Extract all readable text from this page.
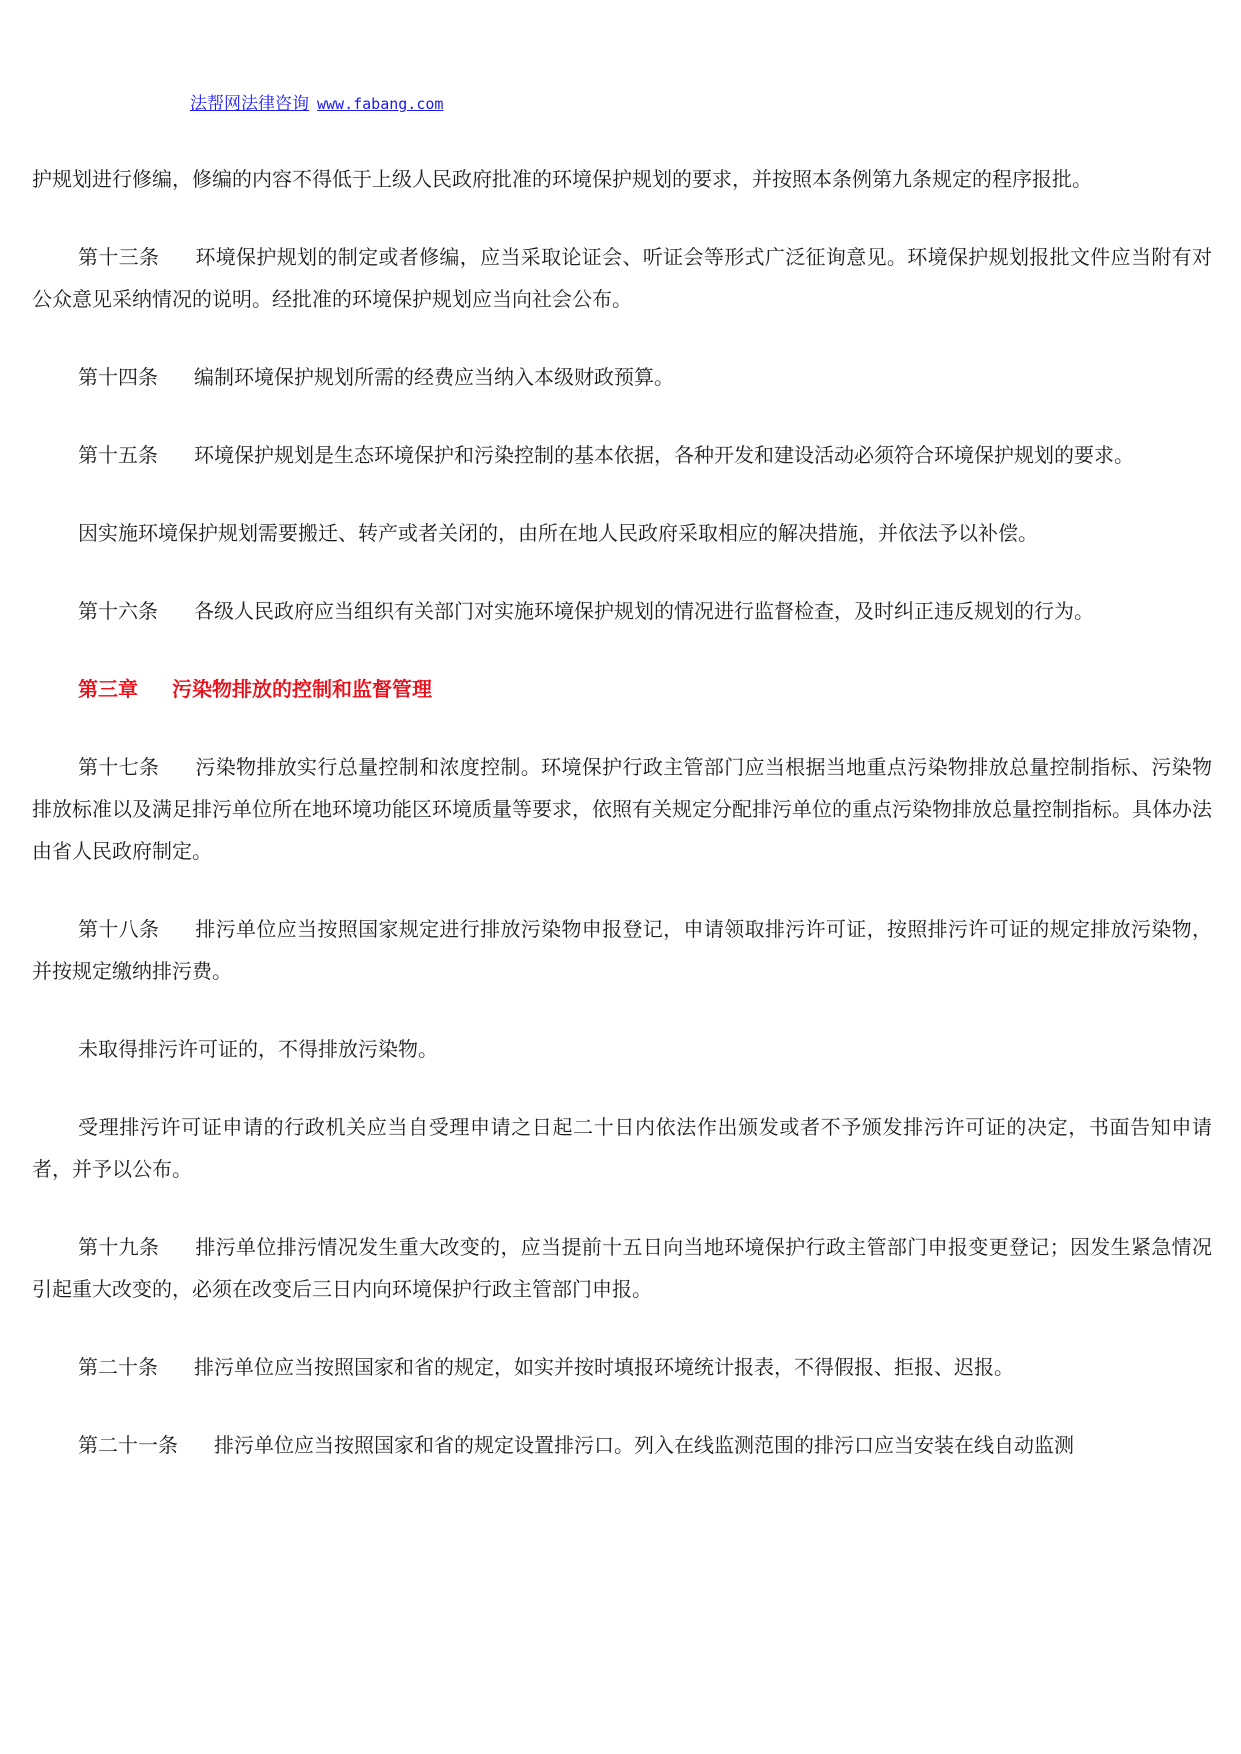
法帮网法律咨询 www.fabang.com

护规划进行修编，修编的内容不得低于上级人民政府批准的环境保护规划的要求，并按照本条例第九条规定的程序报批。

第十三条 环境保护规划的制定或者修编，应当采取论证会、听证会等形式广泛征询意见。环境保护规划报批文件应当附有对公众意见采纳情况的说明。经批准的环境保护规划应当向社会公布。

第十四条 编制环境保护规划所需的经费应当纳入本级财政预算。

第十五条 环境保护规划是生态环境保护和污染控制的基本依据，各种开发和建设活动必须符合环境保护规划的要求。

因实施环境保护规划需要搬迁、转产或者关闭的，由所在地人民政府采取相应的解决措施，并依法予以补偿。

第十六条 各级人民政府应当组织有关部门对实施环境保护规划的情况进行监督检查，及时纠正违反规划的行为。

第三章 污染物排放的控制和监督管理

第十七条 污染物排放实行总量控制和浓度控制。环境保护行政主管部门应当根据当地重点污染物排放总量控制指标、污染物排放标准以及满足排污单位所在地环境功能区环境质量等要求，依照有关规定分配排污单位的重点污染物排放总量控制指标。具体办法由省人民政府制定。

第十八条 排污单位应当按照国家规定进行排放污染物申报登记，申请领取排污许可证，按照排污许可证的规定排放污染物，并按规定缴纳排污费。

未取得排污许可证的，不得排放污染物。

受理排污许可证申请的行政机关应当自受理申请之日起二十日内依法作出颁发或者不予颁发排污许可证的决定，书面告知申请者，并予以公布。

第十九条 排污单位排污情况发生重大改变的，应当提前十五日向当地环境保护行政主管部门申报变更登记；因发生紧急情况引起重大改变的，必须在改变后三日内向环境保护行政主管部门申报。

第二十条 排污单位应当按照国家和省的规定，如实并按时填报环境统计报表，不得假报、拒报、迟报。

第二十一条 排污单位应当按照国家和省的规定设置排污口。列入在线监测范围的排污口应当安装在线自动监测
